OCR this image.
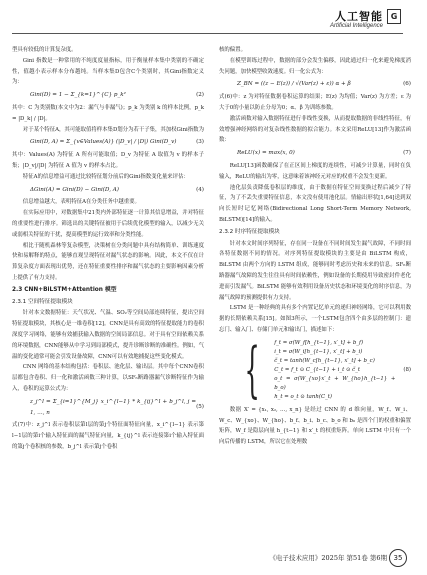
人工智能
Artificial Intelligence
G

型具有较低的计算复杂度。

Gini 指数是一种常用的不纯度度量指标，用于衡量样本集中类别的不确定性，值越小表示样本分布越纯。当样本集D包含C个类别时，其Gini指数定义为：

Gini(D) = 1 − Σ_{k=1}^{C} p_k²	(2)

其中：C 为类别数(本文中为2：漏气与非漏气)；p_k 为类别 k 的样本比例，p_k = |D_k| / |D|。

对于某个特征A，其可能取值将样本集D划分为若干子集，其加权Gini指数为

Gini(D, A) = Σ_{v∈Values(A)} (|D_v| / |D|) Gini(D_v)	(3)

其中：Values(A) 为特征 A 所有可能取值；D_v 为特征 A 取值为 v 的样本子集；|D_v|/|D| 为特征 A 值为 v 的样本占比。

特征A的信息增益可通过比较特征划分前后的Gini指数变化量来评估：

ΔGini(A) = Gini(D) − Gini(D, A)	(4)

信息增益越大，表明特征A在分类任务中越重要。

在实际应用中，对数据集中21类内外部特征逐一计算其信息增益，并对特征的重要性进行排序。筛选出的关键特征被用于后续优化模型的输入，以减少无关或弱相关特征的干扰，提高模型的运行效率和分类性能。

相比于随机森林等复杂模型，决策树在分类问题中具有结构简单、训练速度快和易解释的特点，能够直观呈现特征对漏气状态的影响。因此，本文不仅在计算复杂度方面表现出优势，还在特征重要性排序和漏气状态的主要影响因素分析上提供了有力支持。

2.3 CNN+BiLSTM+Attention 模型
2.3.1 空间特征提取模块

针对本文数据特征：天气状况、气温、SO₂等空间局部连续特征，提出空间特征提取模块，其核心是一维卷积[12]。CNN是具有高效的特征提取能力的卷积深度学习网络，能够有效捕获输入数据的空间局部信息。对于具有空间依赖关系的环境数据，CNN能够从中学习到局部模式，提升诊断诊断的准确性。例如，气温的变化通常可能会引发设备故障，CNN可以有效地捕捉这些变化模式。

CNN 网络的基本结构包括：卷积层、池化层、输出层。其中每个CNN卷积层都包含卷积、归一化和激活函数三种计算，以SF₆断路器漏气诊断特征作为输入，卷积的运算公式为：

z_j^l = Σ_{i=1}^{M_j} x_i^{l−1} * k_{ij}^l + b_j^l, j = 1, …, n
(5)

式(7)中：z_j^l 表示卷积层第l层的第j个特征面特征向量，x_i^{l−1} 表示第l−1层的第i个输入特征面的漏气特征向量，k_{ij}^l 表示连接第i个输入特征面的第j个卷积核的参数，b_j^l 表示第j个卷积

核的偏置。

在模型训练过程中，数据的部分会发生偏移，因此通过归一化来避免梯度消失问题，加快模型收敛速度。归一化公式为：

Z_BN = ((z − E(z)) / √(Var(z) + ε)) α + β	(6)

式(6)中：z 为对特征数据卷积运算的结果；E(z) 为均值；Var(z) 为方差；ε 为大于0的小量以防止分母为0；α、β 为训练参数。

激活函数对输入数据特征进行非线性变换，从而提取数据的非线性特征，有效增强神经网络的对复杂线性数据的拟合能力。本文采用ReLU[13]作为激活函数：

ReLU(x) = max(x, 0)	(7)

ReLU[13]函数确保了在正区间上梯度的连续性，可减少计算量，同时在负输入，ReLU的输出为零，这意味着该神经元对应的权重不会发生更新。

池化层负责降低卷积层的维度，由于数据在特征空间变换过程后减少了特征，为了不丢失重要特征信息，本文没有使用池化层。情输出形状[1,64]送到双向长短时记忆网络(Bidirectional Long Short-Term Memory Network, BiLSTM)[14]的输入。

2.3.2 时序特征提取模块

针对本文时间序列特征，存在同一设备在不同时间发生漏气故障，不同时间各特征数据不同的情况。对序列特征提取模块的主要是由 BiLSTM 构成，BiLSTM 由两个方向的 LSTM 组成，能够同时考虑历史和未来的信息。SF₆断路器漏气故障的发生往往具有时间依赖性，例如设备的长期使用导致密封件老化进而引发漏气。BiLSTM 能够有效利用设备历史状态和环境变化的时序信息，为漏气故障的预测提供有力支持。

LSTM 是一种经典的具有多个内置记忆单元的递归神经网络，它可以利用数据的长期依赖关系[15]。如图3所示，一个LSTM包含四个由多层的控制门：遗忘门、输入门、存储门单元和输出门，描述如下：

{	f_t = σ(W_f[h_{t−1}, x′_t] + b_f)
i_t = σ(W_i[h_{t−1}, x′_t] + b_i)
c̃_t = tanh(W_c[h_{t−1}, x′_t] + b_c)
C_t = f_t ⊙ C_{t−1} + i_t ⊙ c̃_t
o_t = σ(W_{xo}x′_t + W_{ho}h_{t−1} + b_o)
h_t = o_t ⊙ tanh(C_t)
(8)

数据 X′ = {x₁, x₂, …, x_n} 是经过 CNN 的 d 维向量，W_f、W_i、W_c、W_{xo}、W_{ho}、b_f、b_i、b_c、b_o 和 b₀ 是四个门的权重和偏置矩阵，W_f 是隐层向量 h_{t−1} 和 x′_t 的权重矩阵。单向 LSTM 中只有一个向后传播的 LSTM，所以它在处理数

《电子技术应用》2025年 第51卷 第6期 35
